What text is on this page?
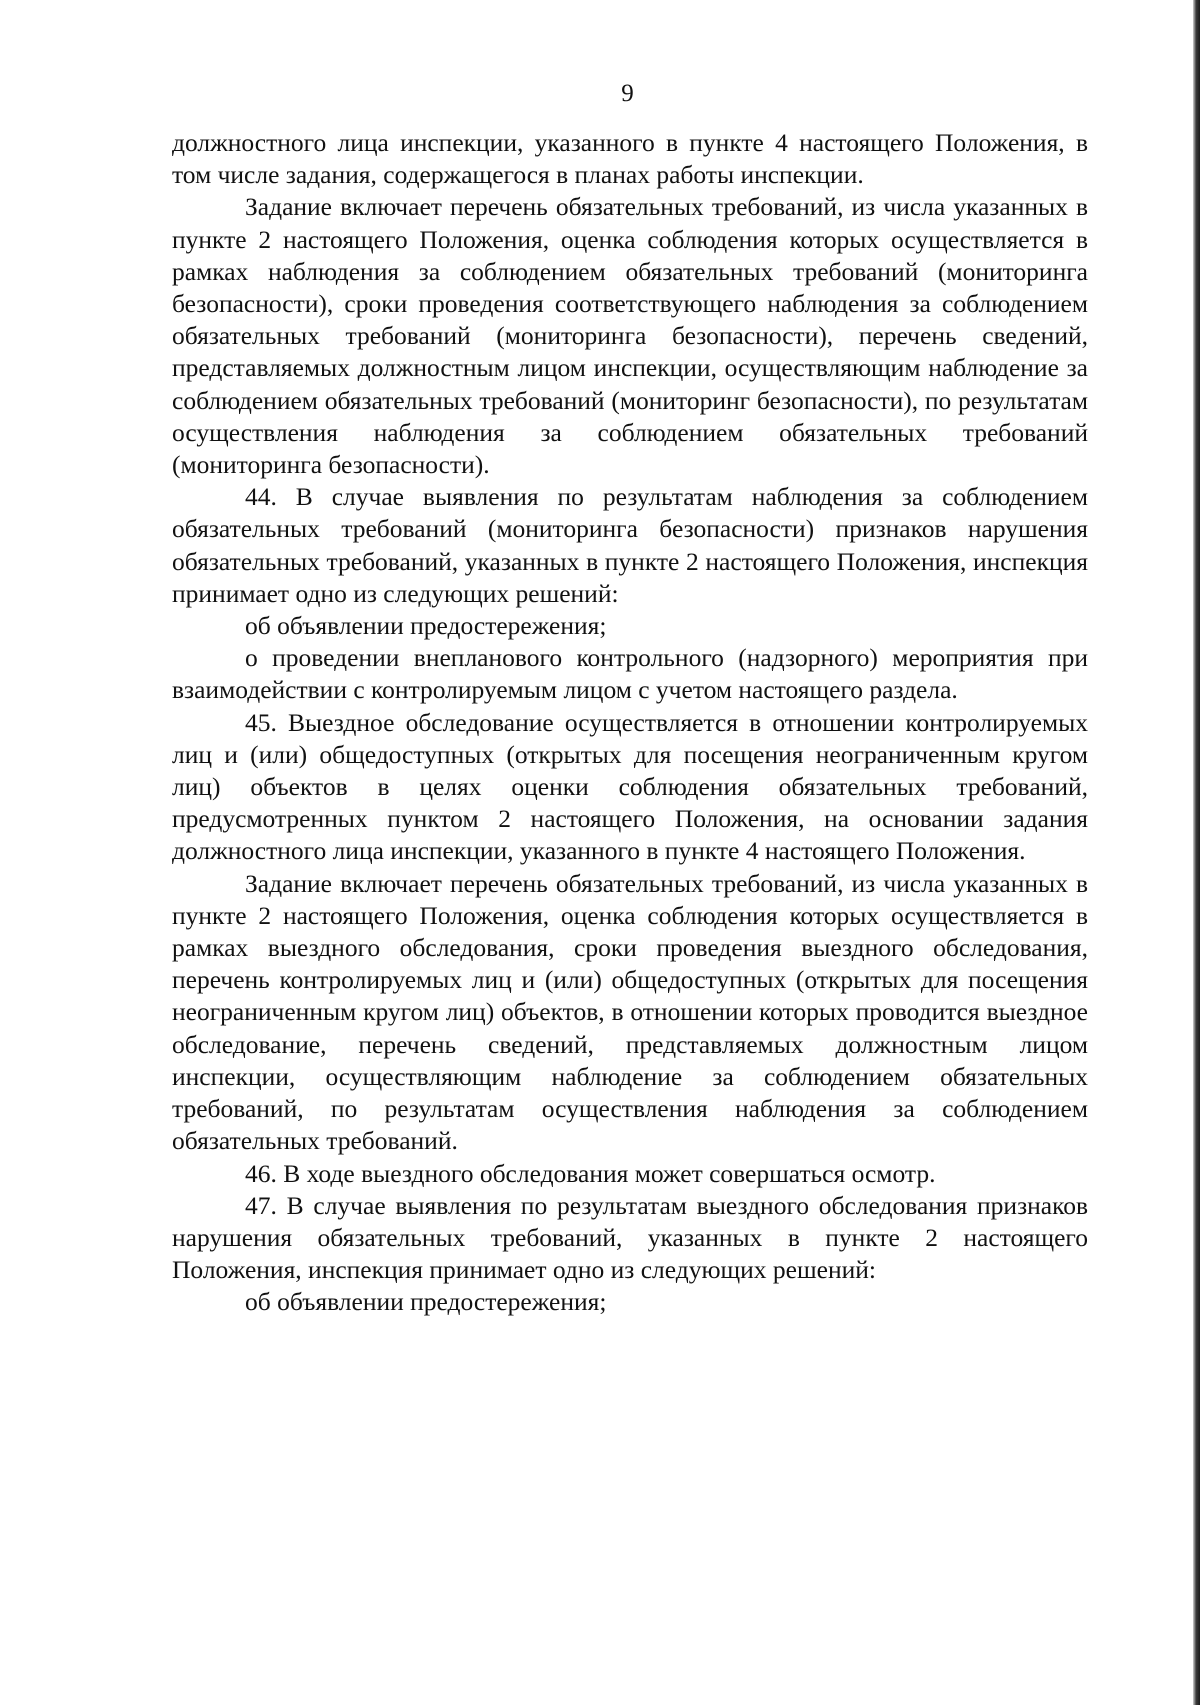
9

должностного лица инспекции, указанного в пункте 4 настоящего Положения, в том числе задания, содержащегося в планах работы инспекции.

Задание включает перечень обязательных требований, из числа указанных в пункте 2 настоящего Положения, оценка соблюдения которых осуществляется в рамках наблюдения за соблюдением обязательных требований (мониторинга безопасности), сроки проведения соответствующего наблюдения за соблюдением обязательных требований (мониторинга безопасности), перечень сведений, представляемых должностным лицом инспекции, осуществляющим наблюдение за соблюдением обязательных требований (мониторинг безопасности), по результатам осуществления наблюдения за соблюдением обязательных требований (мониторинга безопасности).

44. В случае выявления по результатам наблюдения за соблюдением обязательных требований (мониторинга безопасности) признаков нарушения обязательных требований, указанных в пункте 2 настоящего Положения, инспекция принимает одно из следующих решений:

об объявлении предостережения;

о проведении внепланового контрольного (надзорного) мероприятия при взаимодействии с контролируемым лицом с учетом настоящего раздела.

45. Выездное обследование осуществляется в отношении контролируемых лиц и (или) общедоступных (открытых для посещения неограниченным кругом лиц) объектов в целях оценки соблюдения обязательных требований, предусмотренных пунктом 2 настоящего Положения, на основании задания должностного лица инспекции, указанного в пункте 4 настоящего Положения.

Задание включает перечень обязательных требований, из числа указанных в пункте 2 настоящего Положения, оценка соблюдения которых осуществляется в рамках выездного обследования, сроки проведения выездного обследования, перечень контролируемых лиц и (или) общедоступных (открытых для посещения неограниченным кругом лиц) объектов, в отношении которых проводится выездное обследование, перечень сведений, представляемых должностным лицом инспекции, осуществляющим наблюдение за соблюдением обязательных требований, по результатам осуществления наблюдения за соблюдением обязательных требований.

46. В ходе выездного обследования может совершаться осмотр.

47. В случае выявления по результатам выездного обследования признаков нарушения обязательных требований, указанных в пункте 2 настоящего Положения, инспекция принимает одно из следующих решений:

об объявлении предостережения;
